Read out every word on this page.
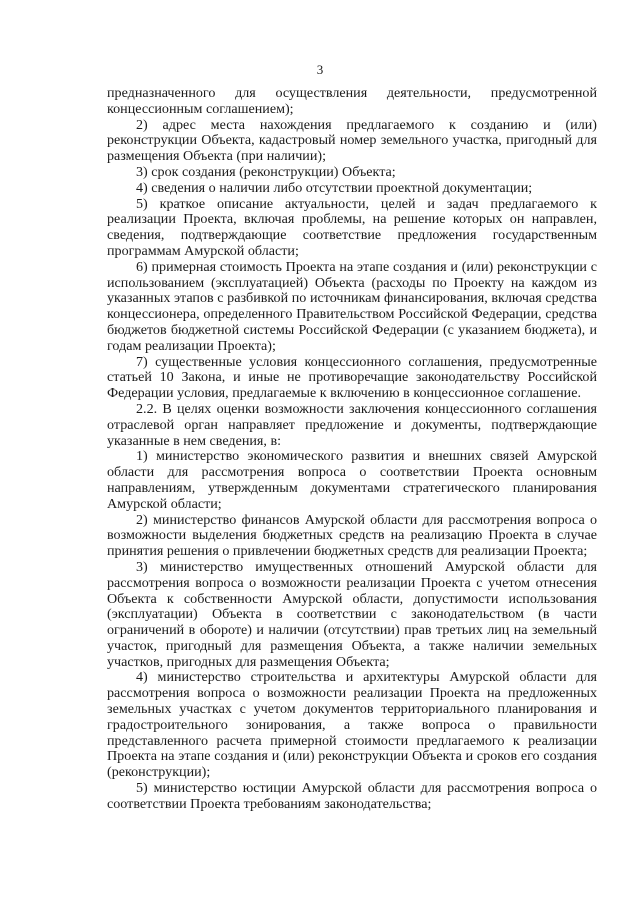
3

предназначенного для осуществления деятельности, предусмотренной концессионным соглашением);

2) адрес места нахождения предлагаемого к созданию и (или) реконструкции Объекта, кадастровый номер земельного участка, пригодный для размещения Объекта (при наличии);

3) срок создания (реконструкции) Объекта;

4) сведения о наличии либо отсутствии проектной документации;

5) краткое описание актуальности, целей и задач предлагаемого к реализации Проекта, включая проблемы, на решение которых он направлен, сведения, подтверждающие соответствие предложения государственным программам Амурской области;

6) примерная стоимость Проекта на этапе создания и (или) реконструкции с использованием (эксплуатацией) Объекта (расходы по Проекту на каждом из указанных этапов с разбивкой по источникам финансирования, включая средства концессионера, определенного Правительством Российской Федерации, средства бюджетов бюджетной системы Российской Федерации (с указанием бюджета), и годам реализации Проекта);

7) существенные условия концессионного соглашения, предусмотренные статьей 10 Закона, и иные не противоречащие законодательству Российской Федерации условия, предлагаемые к включению в концессионное соглашение.

2.2. В целях оценки возможности заключения концессионного соглашения отраслевой орган направляет предложение и документы, подтверждающие указанные в нем сведения, в:

1) министерство экономического развития и внешних связей Амурской области для рассмотрения вопроса о соответствии Проекта основным направлениям, утвержденным документами стратегического планирования Амурской области;

2) министерство финансов Амурской области для рассмотрения вопроса о возможности выделения бюджетных средств на реализацию Проекта в случае принятия решения о привлечении бюджетных средств для реализации Проекта;

3) министерство имущественных отношений Амурской области для рассмотрения вопроса о возможности реализации Проекта с учетом отнесения Объекта к собственности Амурской области, допустимости использования (эксплуатации) Объекта в соответствии с законодательством (в части ограничений в обороте) и наличии (отсутствии) прав третьих лиц на земельный участок, пригодный для размещения Объекта, а также наличии земельных участков, пригодных для размещения Объекта;

4) министерство строительства и архитектуры Амурской области для рассмотрения вопроса о возможности реализации Проекта на предложенных земельных участках с учетом документов территориального планирования и градостроительного зонирования, а также вопроса о правильности представленного расчета примерной стоимости предлагаемого к реализации Проекта на этапе создания и (или) реконструкции Объекта и сроков его создания (реконструкции);

5) министерство юстиции Амурской области для рассмотрения вопроса о соответствии Проекта требованиям законодательства;
